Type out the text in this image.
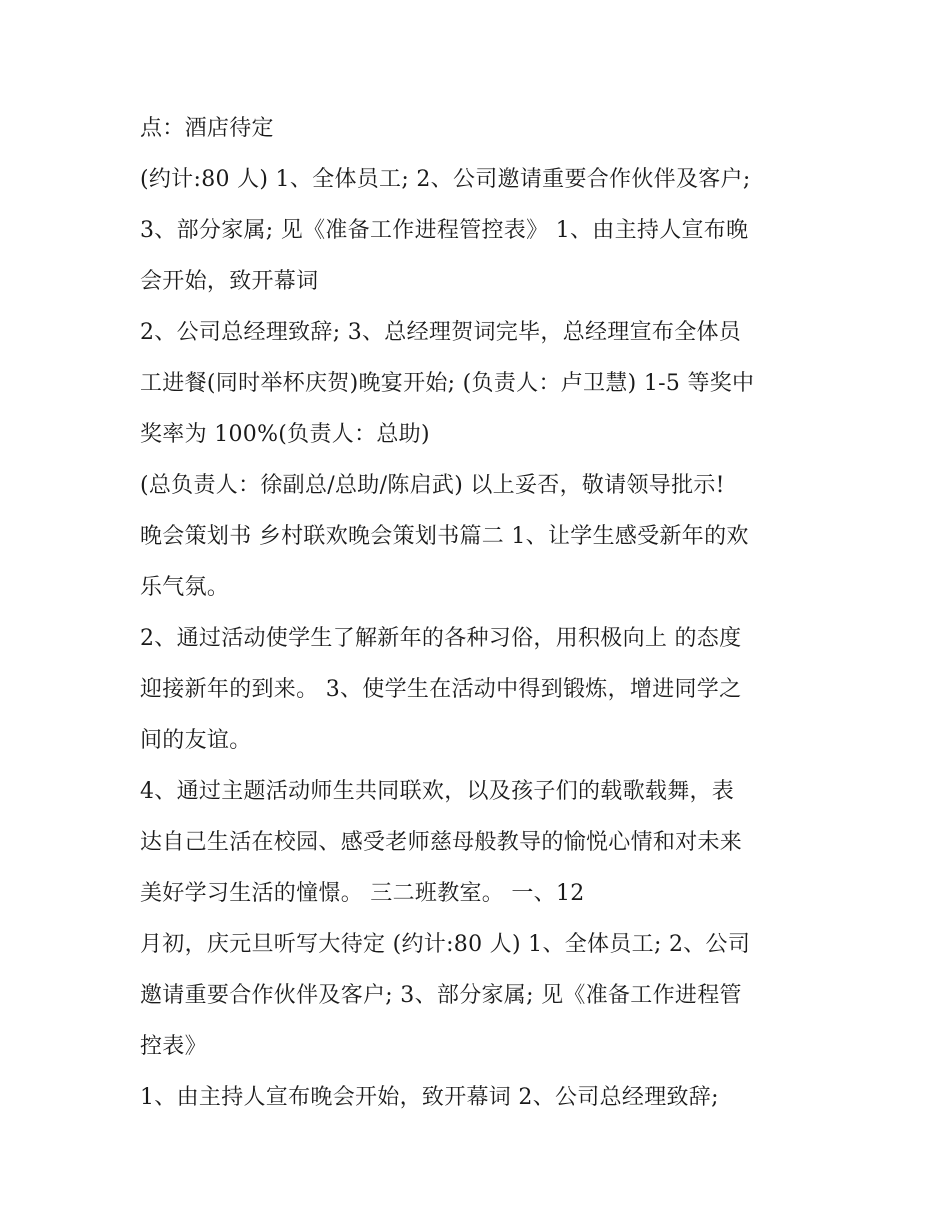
点：酒店待定
(约计:80 人) 1、全体员工; 2、公司邀请重要合作伙伴及客户;
3、部分家属; 见《准备工作进程管控表》 1、由主持人宣布晚
会开始，致开幕词
2、公司总经理致辞; 3、总经理贺词完毕，总经理宣布全体员
工进餐(同时举杯庆贺)晚宴开始; (负责人：卢卫慧) 1-5 等奖中
奖率为 100%(负责人：总助)
(总负责人：徐副总/总助/陈启武) 以上妥否，敬请领导批示!
晚会策划书 乡村联欢晚会策划书篇二 1、让学生感受新年的欢
乐气氛。
2、通过活动使学生了解新年的各种习俗，用积极向上 的态度
迎接新年的到来。 3、使学生在活动中得到锻炼，增进同学之
间的友谊。
4、通过主题活动师生共同联欢，以及孩子们的载歌载舞，表
达自己生活在校园、感受老师慈母般教导的愉悦心情和对未来
美好学习生活的憧憬。 三二班教室。 一、12
月初，庆元旦听写大待定 (约计:80 人) 1、全体员工; 2、公司
邀请重要合作伙伴及客户; 3、部分家属; 见《准备工作进程管
控表》
1、由主持人宣布晚会开始，致开幕词 2、公司总经理致辞;
